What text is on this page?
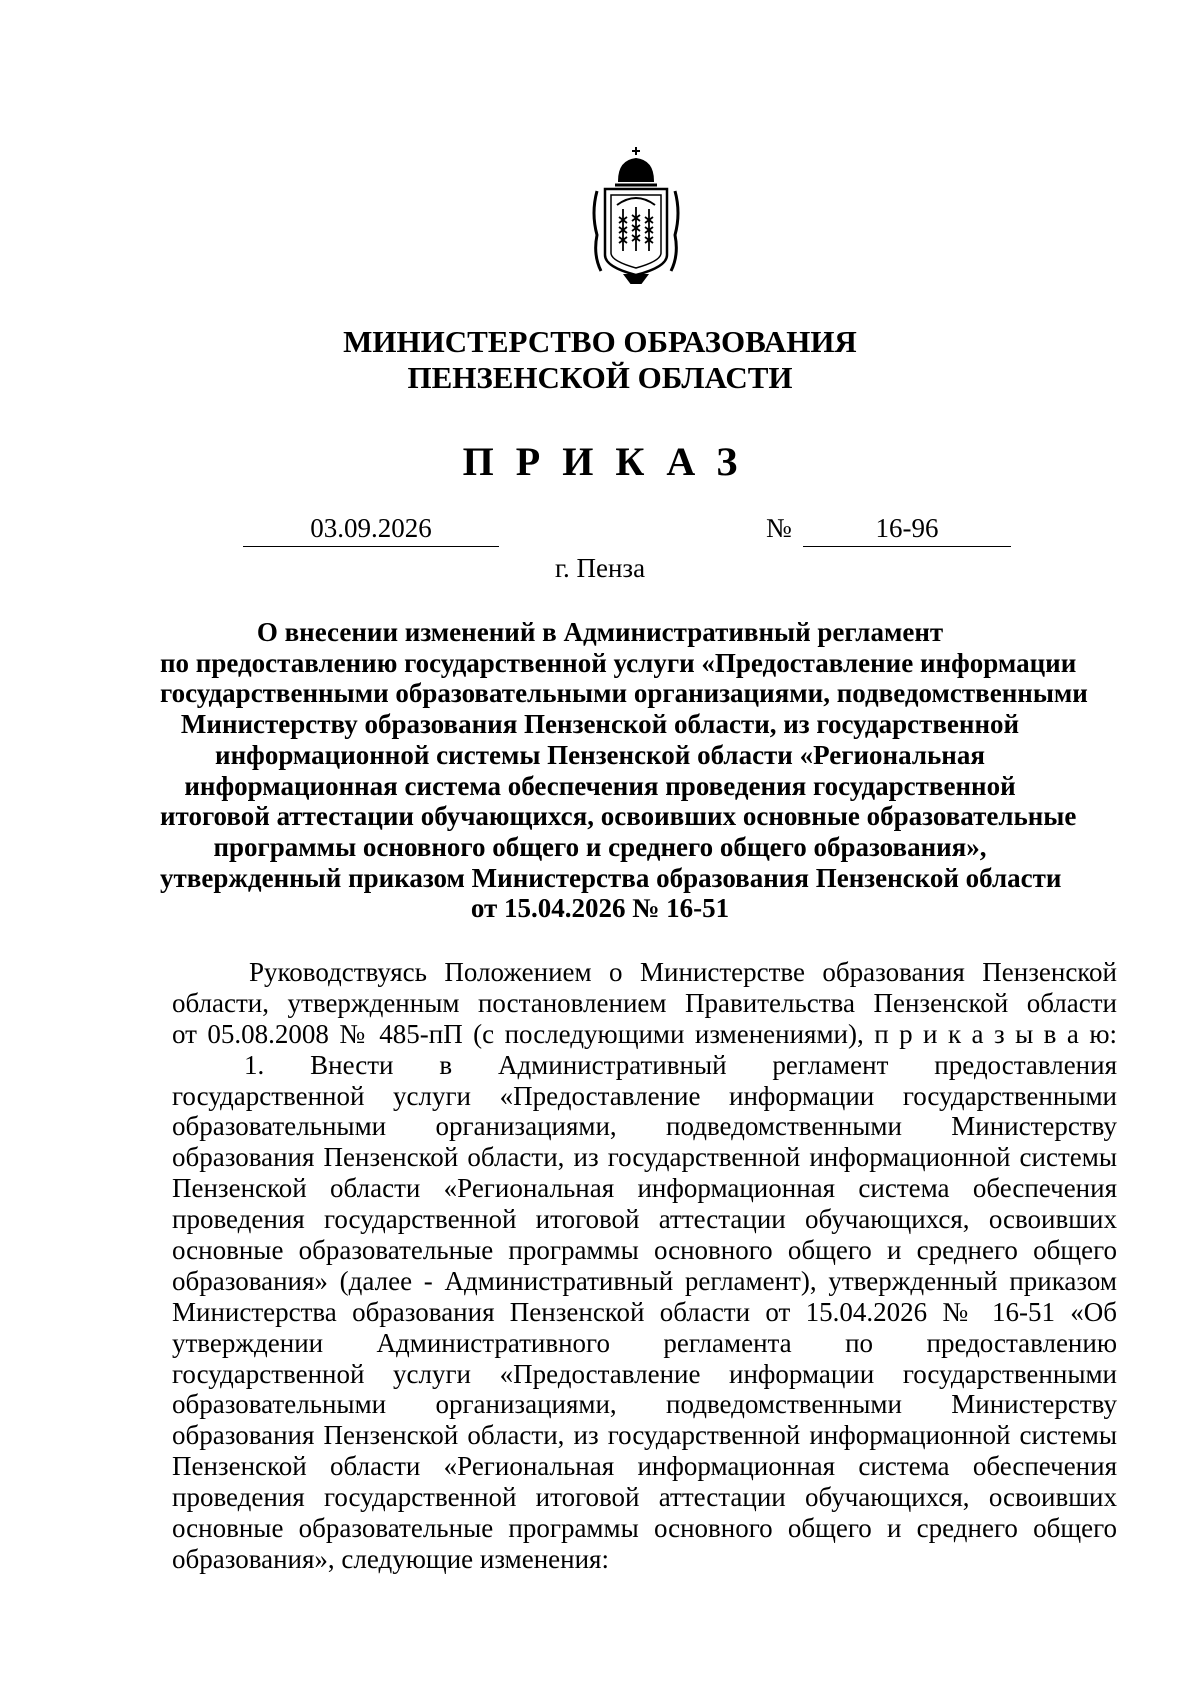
МИНИСТЕРСТВО ОБРАЗОВАНИЯ
ПЕНЗЕНСКОЙ ОБЛАСТИ
ПРИКАЗ
03.09.2026	№	16-96
г. Пенза
О внесении изменений в Административный регламент
по предоставлению государственной услуги «Предоставление информации
государственными образовательными организациями, подведомственными
Министерству образования Пензенской области, из государственной
информационной системы Пензенской области «Региональная
информационная система обеспечения проведения государственной
итоговой аттестации обучающихся, освоивших основные образовательные
программы основного общего и среднего общего образования»,
утвержденный приказом Министерства образования Пензенской области
от 15.04.2026 № 16-51
Руководствуясь Положением о Министерстве образования Пензенской
области, утвержденным постановлением Правительства Пензенской области
от 05.08.2008 № 485-пП (с последующими изменениями), п р и к а з ы в а ю:
1. Внести в Административный регламент предоставления
государственной услуги «Предоставление информации государственными
образовательными организациями, подведомственными Министерству
образования Пензенской области, из государственной информационной системы
Пензенской области «Региональная информационная система обеспечения
проведения государственной итоговой аттестации обучающихся, освоивших
основные образовательные программы основного общего и среднего общего
образования» (далее - Административный регламент), утвержденный приказом
Министерства образования Пензенской области от 15.04.2026 № 16-51 «Об
утверждении Административного регламента по предоставлению
государственной услуги «Предоставление информации государственными
образовательными организациями, подведомственными Министерству
образования Пензенской области, из государственной информационной системы
Пензенской области «Региональная информационная система обеспечения
проведения государственной итоговой аттестации обучающихся, освоивших
основные образовательные программы основного общего и среднего общего
образования», следующие изменения:
